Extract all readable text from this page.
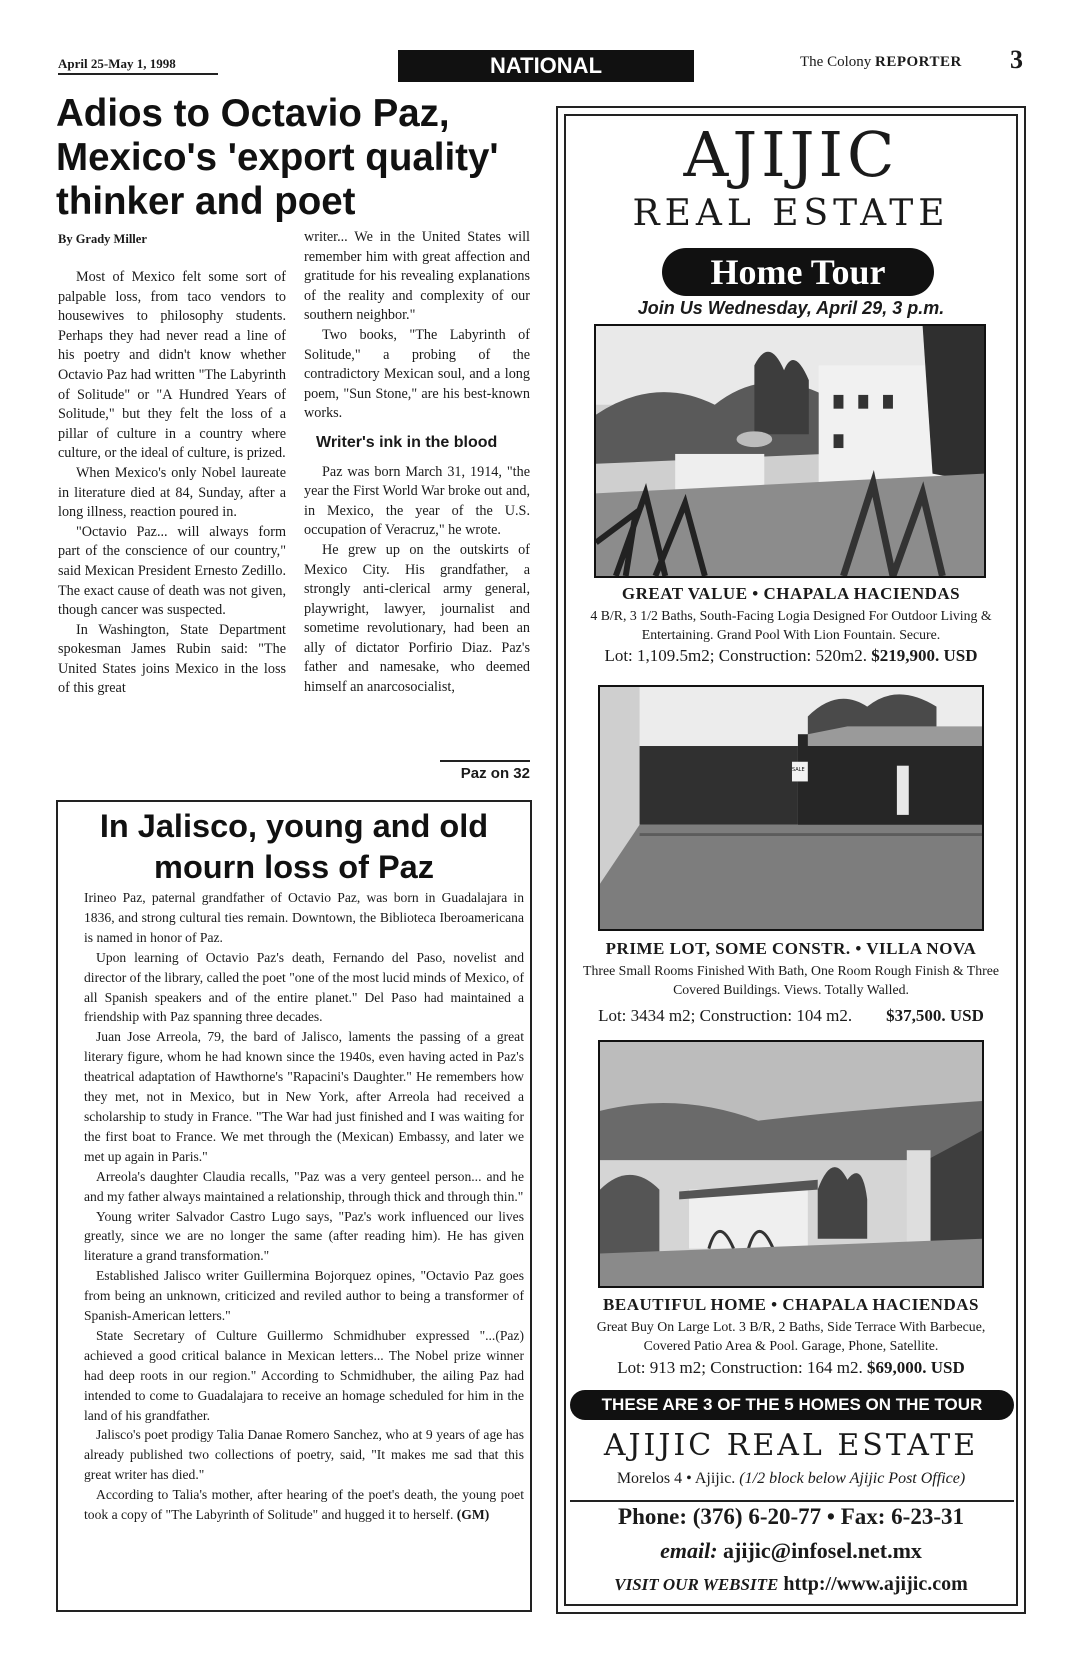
April 25-May 1, 1998	NATIONAL	The Colony REPORTER 3
Adios to Octavio Paz, Mexico's 'export quality' thinker and poet
By Grady Miller

Most of Mexico felt some sort of palpable loss, from taco vendors to housewives to philosophy students. Perhaps they had never read a line of his poetry and didn't know whether Octavio Paz had written "The Labyrinth of Solitude" or "A Hundred Years of Solitude," but they felt the loss of a pillar of culture in a country where culture, or the ideal of culture, is prized.

When Mexico's only Nobel laureate in literature died at 84, Sunday, after a long illness, reaction poured in.

"Octavio Paz... will always form part of the conscience of our country," said Mexican President Ernesto Zedillo. The exact cause of death was not given, though cancer was suspected.

In Washington, State Department spokesman James Rubin said: "The United States joins Mexico in the loss of this great

writer... We in the United States will remember him with great affection and gratitude for his revealing explanations of the reality and complexity of our southern neighbor."

Two books, "The Labyrinth of Solitude," a probing of the contradictory Mexican soul, and a long poem, "Sun Stone," are his best-known works.

Writer's ink in the blood

Paz was born March 31, 1914, "the year the First World War broke out and, in Mexico, the year of the U.S. occupation of Veracruz," he wrote.

He grew up on the outskirts of Mexico City. His grandfather, a strongly anti-clerical army general, playwright, lawyer, journalist and sometime revolutionary, had been an ally of dictator Porfirio Diaz. Paz's father and namesake, who deemed himself an anarcosocialist,

Paz on 32
In Jalisco, young and old mourn loss of Paz

Irineo Paz, paternal grandfather of Octavio Paz, was born in Guadalajara in 1836, and strong cultural ties remain. Downtown, the Biblioteca Iberoamericana is named in honor of Paz.

Upon learning of Octavio Paz's death, Fernando del Paso, novelist and director of the library, called the poet "one of the most lucid minds of Mexico, of all Spanish speakers and of the entire planet." Del Paso had maintained a friendship with Paz spanning three decades.

Juan Jose Arreola, 79, the bard of Jalisco, laments the passing of a great literary figure, whom he had known since the 1940s, even having acted in Paz's theatrical adaptation of Hawthorne's "Rapacini's Daughter." He remembers how they met, not in Mexico, but in New York, after Arreola had received a scholarship to study in France. "The War had just finished and I was waiting for the first boat to France. We met through the (Mexican) Embassy, and later we met up again in Paris."

Arreola's daughter Claudia recalls, "Paz was a very genteel person... and he and my father always maintained a relationship, through thick and through thin."

Young writer Salvador Castro Lugo says, "Paz's work influenced our lives greatly, since we are no longer the same (after reading him). He has given literature a grand transformation."

Established Jalisco writer Guillermina Bojorquez opines, "Octavio Paz goes from being an unknown, criticized and reviled author to being a transformer of Spanish-American letters."

State Secretary of Culture Guillermo Schmidhuber expressed "...(Paz) achieved a good critical balance in Mexican letters... The Nobel prize winner had deep roots in our region." According to Schmidhuber, the ailing Paz had intended to come to Guadalajara to receive an homage scheduled for him in the land of his grandfather.

Jalisco's poet prodigy Talia Danae Romero Sanchez, who at 9 years of age has already published two collections of poetry, said, "It makes me sad that this great writer has died."

According to Talia's mother, after hearing of the poet's death, the young poet took a copy of "The Labyrinth of Solitude" and hugged it to herself. (GM)

AJIJIC
REAL ESTATE
Home Tour
Join Us Wednesday, April 29, 3 p.m.
GREAT VALUE • CHAPALA HACIENDAS
4 B/R, 3 1/2 Baths, South-Facing Logia Designed For Outdoor Living & Entertaining. Grand Pool With Lion Fountain. Secure.
Lot: 1,109.5m2; Construction: 520m2. $219,900. USD
SALE
PRIME LOT, SOME CONSTR. • VILLA NOVA
Three Small Rooms Finished With Bath, One Room Rough Finish & Three Covered Buildings. Views. Totally Walled.
Lot: 3434 m2; Construction: 104 m2.        $37,500. USD
BEAUTIFUL HOME • CHAPALA HACIENDAS
Great Buy On Large Lot. 3 B/R, 2 Baths, Side Terrace With Barbecue, Covered Patio Area & Pool. Garage, Phone, Satellite.
Lot: 913 m2; Construction: 164 m2. $69,000. USD
THESE ARE 3 OF THE 5 HOMES ON THE TOUR
AJIJIC REAL ESTATE
Morelos 4 • Ajijic. (1/2 block below Ajijic Post Office)
Phone: (376) 6-20-77 • Fax: 6-23-31
email: ajijic@infosel.net.mx
VISIT OUR WEBSITE http://www.ajijic.com
